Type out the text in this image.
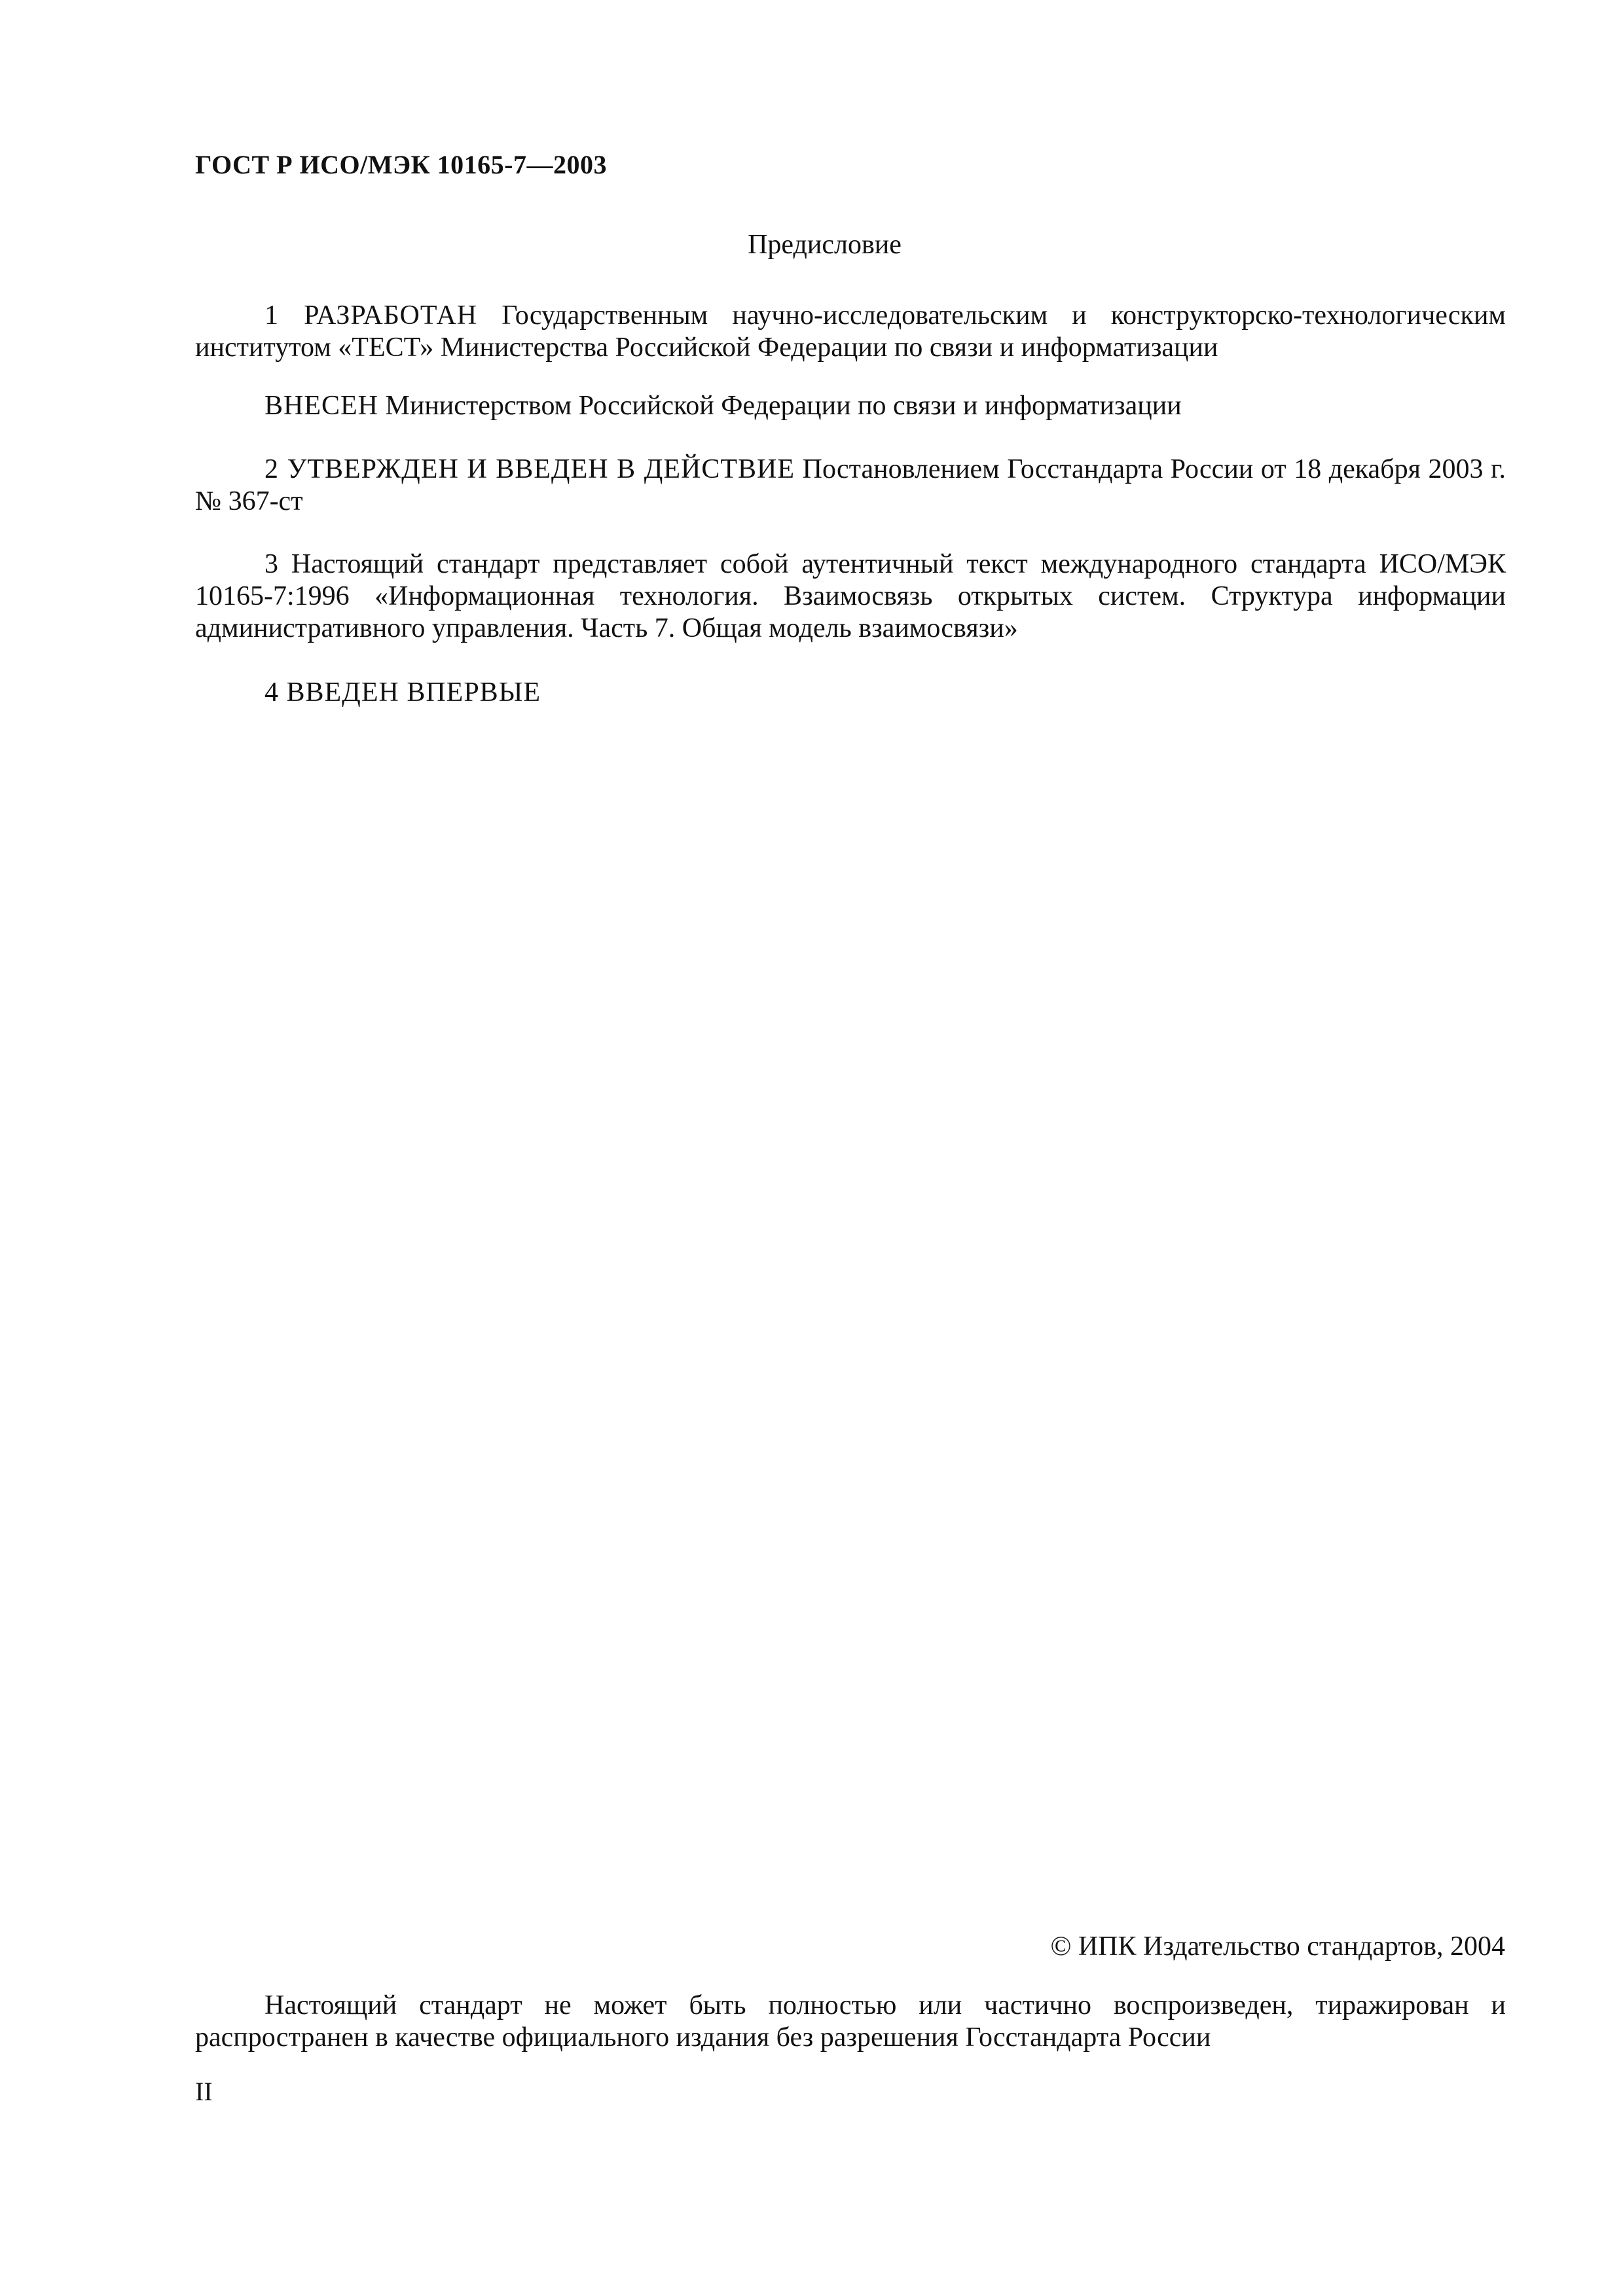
ГОСТ Р ИСО/МЭК 10165-7—2003
Предисловие

1 РАЗРАБОТАН Государственным научно-исследовательским и конструкторско-технологическим институтом «ТЕСТ» Министерства Российской Федерации по связи и информатизации

ВНЕСЕН Министерством Российской Федерации по связи и информатизации

2 УТВЕРЖДЕН И ВВЕДЕН В ДЕЙСТВИЕ Постановлением Госстандарта России от 18 декабря 2003 г. № 367-ст

3 Настоящий стандарт представляет собой аутентичный текст международного стандарта ИСО/МЭК 10165-7:1996 «Информационная технология. Взаимосвязь открытых систем. Структура информации административного управления. Часть 7. Общая модель взаимосвязи»

4 ВВЕДЕН ВПЕРВЫЕ

© ИПК Издательство стандартов, 2004

Настоящий стандарт не может быть полностью или частично воспроизведен, тиражирован и распространен в качестве официального издания без разрешения Госстандарта России

II
